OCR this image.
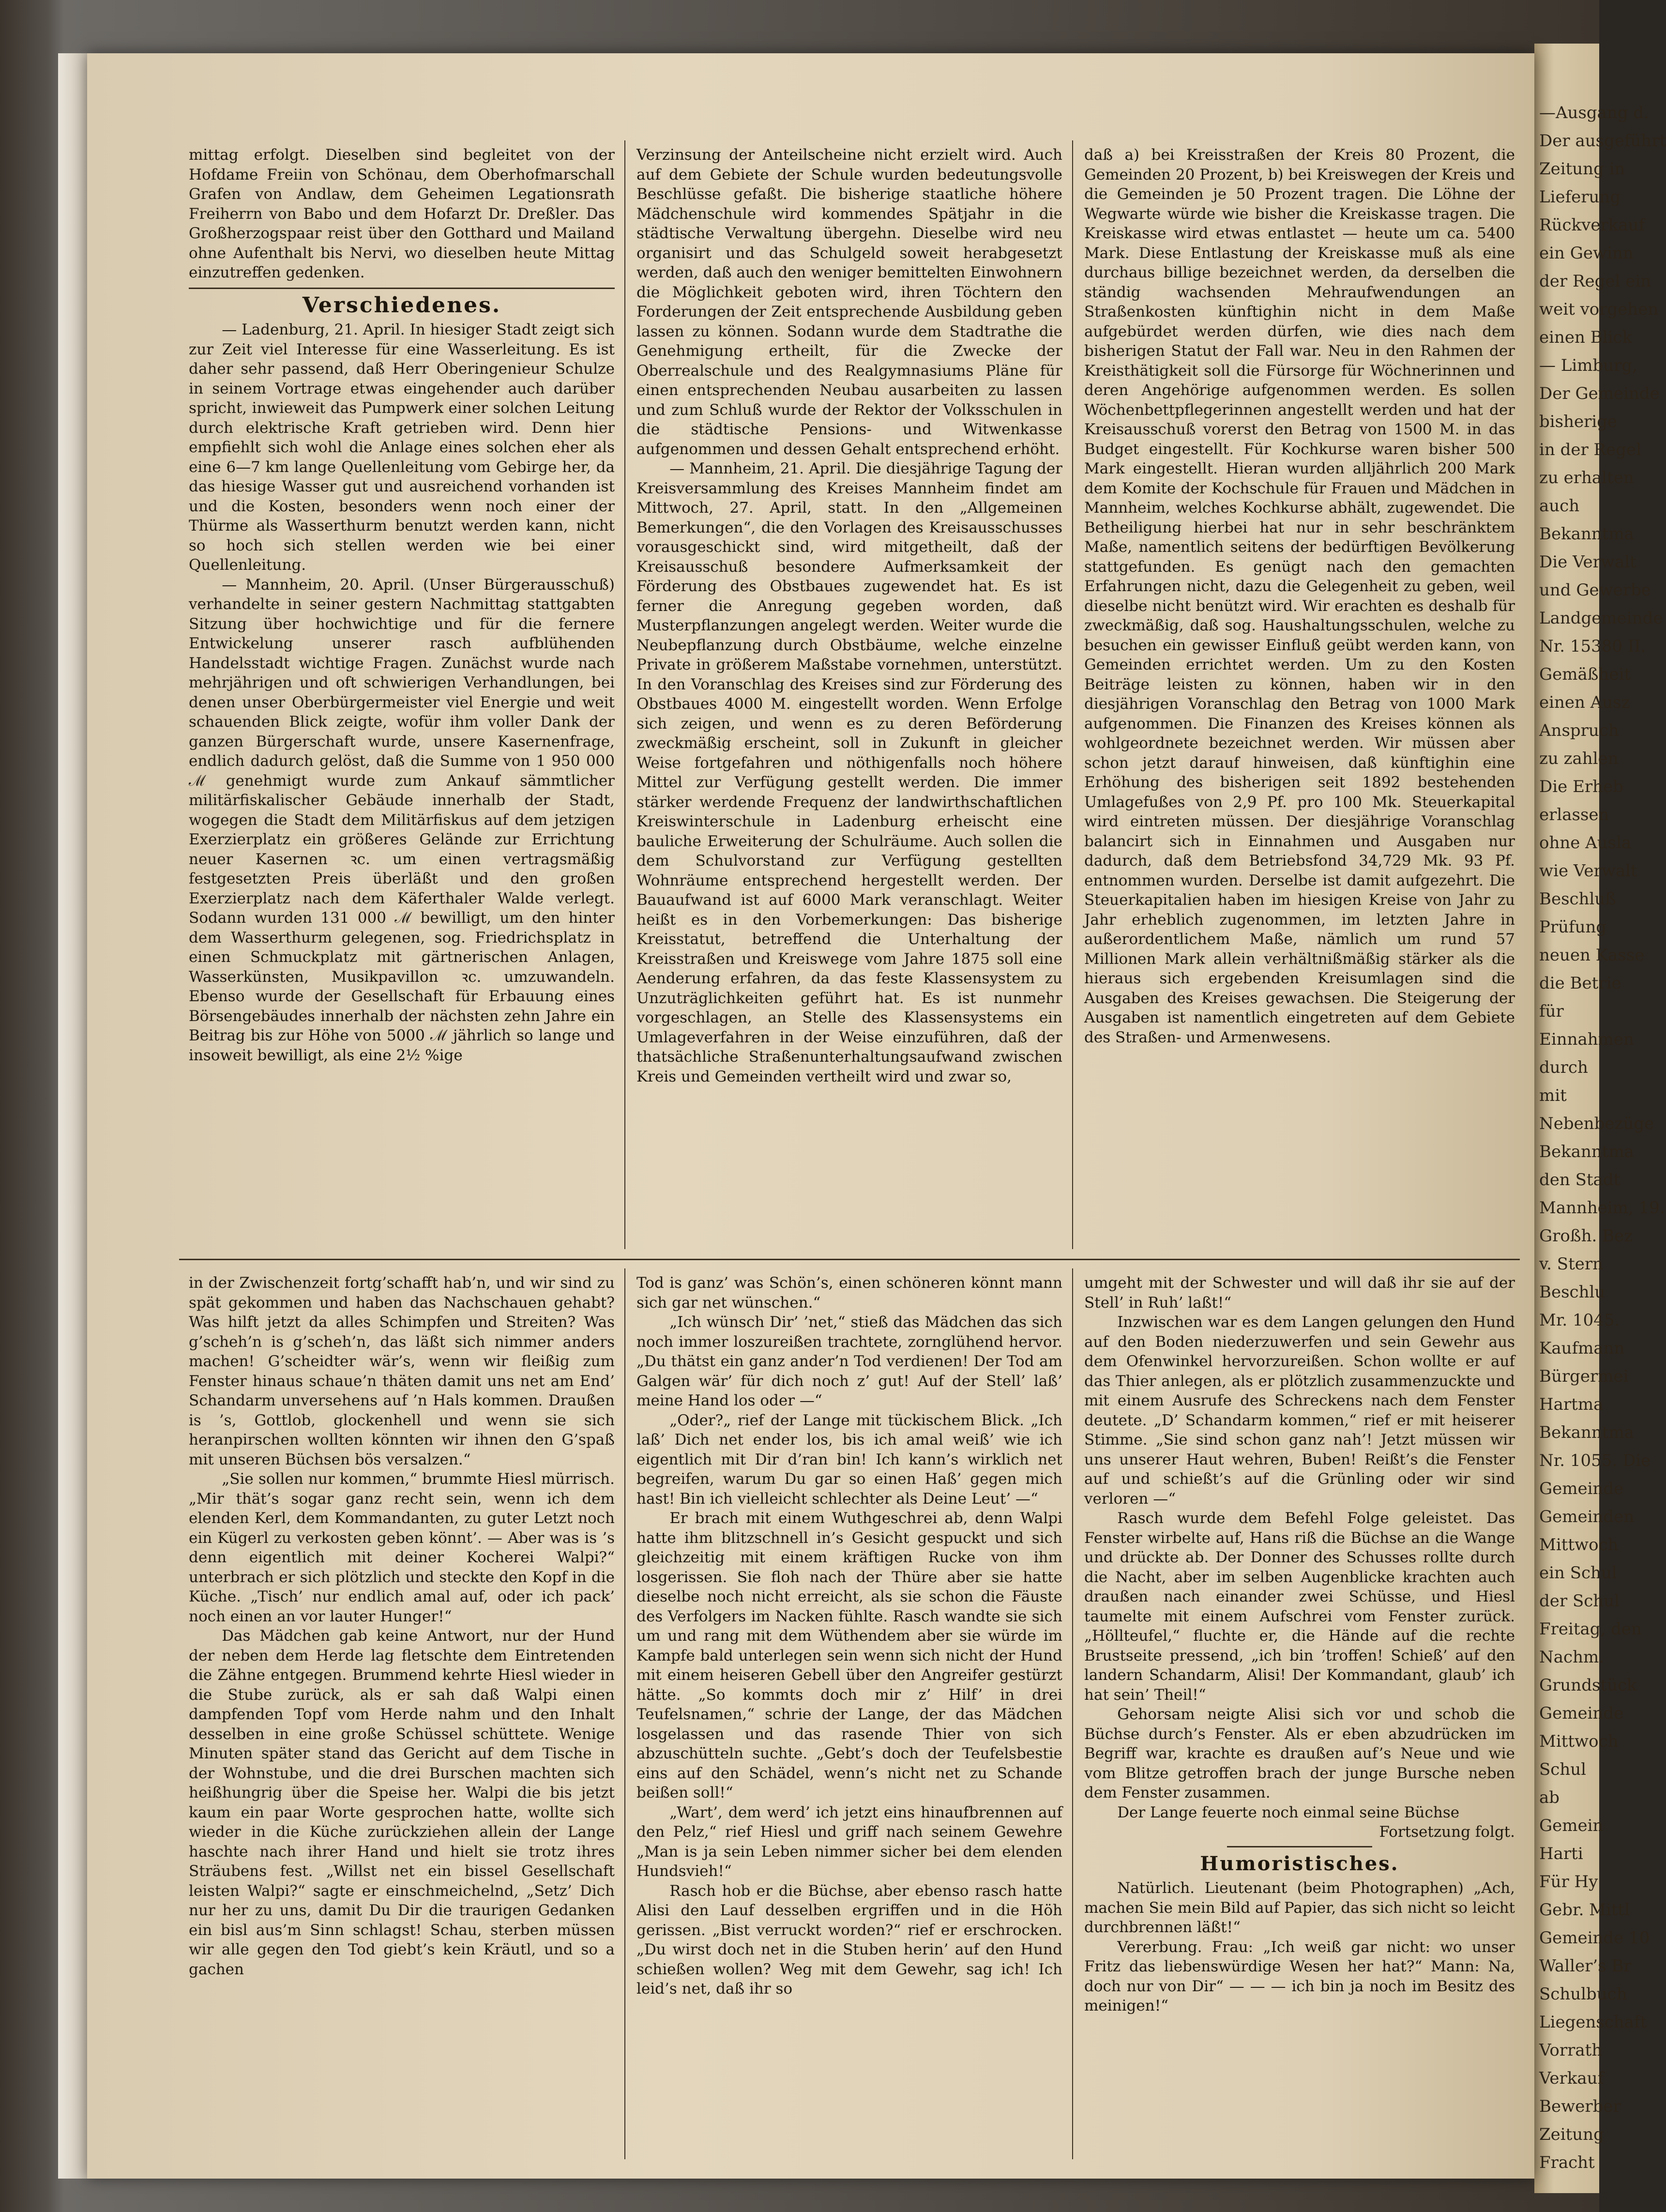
—Ausgang d.
Der ausgeführt
Zeitung in
Lieferung
Rückverkauf
ein Gewinn
der Regel ein
weit vorgehen
einen Blick
— Limburg,
Der Gemeinde
bisherige
in der Regel
zu erhalten
auch
Bekanntma
Die Verwalt
und Gewerbe
Landgemeinde
Nr. 15380 II.
Gemäßheit
einen Ausz
Anspruch
zu zahlen
Die Erheb
erlassen
ohne Ausla
wie Verwalt
Beschluß
Prüfung
neuen Kasse
die Betrie
für
Einnahmen
durch
mit
Nebenbezüge
Bekanntma
den Stadt
Mannheim, 19.
Großh. Bez
v. Stern
Beschlu
Mr. 1045.
Kaufmann
Bürgermei
Hartma
Bekanntma
Nr. 1055. Die
Gemeinde
Gemeinden
Mittwoch
ein Schul
der Schul
Freitag, den
Nachm.
Grundstück
Gemeinde
Mittwoch
Schul
ab
Gemein
Harti
Für Hy
Gebr. Mittl
Gemeinde 10
Waller’s Br
Schulbuch
Liegenschaft
Vorrath
Verkauf
Bewerber
Zeitung
Fracht

mittag erfolgt. Dieselben sind begleitet von der Hofdame Freiin von Schönau, dem Oberhofmarschall Grafen von Andlaw, dem Geheimen Legationsrath Freiherrn von Babo und dem Hofarzt Dr. Dreßler. Das Großherzogspaar reist über den Gotthard und Mailand ohne Aufenthalt bis Nervi, wo dieselben heute Mittag einzutreffen gedenken.

Verschiedenes.

— Ladenburg, 21. April. In hiesiger Stadt zeigt sich zur Zeit viel Interesse für eine Wasserleitung. Es ist daher sehr passend, daß Herr Oberingenieur Schulze in seinem Vortrage etwas eingehender auch darüber spricht, inwieweit das Pumpwerk einer solchen Leitung durch elektrische Kraft getrieben wird. Denn hier empfiehlt sich wohl die Anlage eines solchen eher als eine 6—7 km lange Quellenleitung vom Gebirge her, da das hiesige Wasser gut und ausreichend vorhanden ist und die Kosten, besonders wenn noch einer der Thürme als Wasserthurm benutzt werden kann, nicht so hoch sich stellen werden wie bei einer Quellenleitung.

— Mannheim, 20. April. (Unser Bürgerausschuß) verhandelte in seiner gestern Nachmittag stattgabten Sitzung über hochwichtige und für die fernere Entwickelung unserer rasch aufblühenden Handelsstadt wichtige Fragen. Zunächst wurde nach mehrjährigen und oft schwierigen Verhandlungen, bei denen unser Oberbürgermeister viel Energie und weit schauenden Blick zeigte, wofür ihm voller Dank der ganzen Bürgerschaft wurde, unsere Kasernenfrage, endlich dadurch gelöst, daß die Summe von 1 950 000 ℳ genehmigt wurde zum Ankauf sämmtlicher militärfiskalischer Gebäude innerhalb der Stadt, wogegen die Stadt dem Militärfiskus auf dem jetzigen Exerzierplatz ein größeres Gelände zur Errichtung neuer Kasernen ꝛc. um einen vertragsmäßig festgesetzten Preis überläßt und den großen Exerzierplatz nach dem Käferthaler Walde verlegt. Sodann wurden 131 000 ℳ bewilligt, um den hinter dem Wasserthurm gelegenen, sog. Friedrichsplatz in einen Schmuckplatz mit gärtnerischen Anlagen, Wasserkünsten, Musikpavillon ꝛc. umzuwandeln. Ebenso wurde der Gesellschaft für Erbauung eines Börsengebäudes innerhalb der nächsten zehn Jahre ein Beitrag bis zur Höhe von 5000 ℳ jährlich so lange und insoweit bewilligt, als eine 2½ %ige

Verzinsung der Anteilscheine nicht erzielt wird. Auch auf dem Gebiete der Schule wurden bedeutungsvolle Beschlüsse gefaßt. Die bisherige staatliche höhere Mädchenschule wird kommendes Spätjahr in die städtische Verwaltung übergehn. Dieselbe wird neu organisirt und das Schulgeld soweit herabgesetzt werden, daß auch den weniger bemittelten Einwohnern die Möglichkeit geboten wird, ihren Töchtern den Forderungen der Zeit entsprechende Ausbildung geben lassen zu können. Sodann wurde dem Stadtrathe die Genehmigung ertheilt, für die Zwecke der Oberrealschule und des Realgymnasiums Pläne für einen entsprechenden Neubau ausarbeiten zu lassen und zum Schluß wurde der Rektor der Volksschulen in die städtische Pensions- und Witwenkasse aufgenommen und dessen Gehalt entsprechend erhöht.

— Mannheim, 21. April. Die diesjährige Tagung der Kreisversammlung des Kreises Mannheim findet am Mittwoch, 27. April, statt. In den „Allgemeinen Bemerkungen“, die den Vorlagen des Kreisausschusses vorausgeschickt sind, wird mitgetheilt, daß der Kreisausschuß besondere Aufmerksamkeit der Förderung des Obstbaues zugewendet hat. Es ist ferner die Anregung gegeben worden, daß Musterpflanzungen angelegt werden. Weiter wurde die Neubepflanzung durch Obstbäume, welche einzelne Private in größerem Maßstabe vornehmen, unterstützt. In den Voranschlag des Kreises sind zur Förderung des Obstbaues 4000 M. eingestellt worden. Wenn Erfolge sich zeigen, und wenn es zu deren Beförderung zweckmäßig erscheint, soll in Zukunft in gleicher Weise fortgefahren und nöthigenfalls noch höhere Mittel zur Verfügung gestellt werden. Die immer stärker werdende Frequenz der landwirthschaftlichen Kreiswinterschule in Ladenburg erheischt eine bauliche Erweiterung der Schulräume. Auch sollen die dem Schulvorstand zur Verfügung gestellten Wohnräume entsprechend hergestellt werden. Der Bauaufwand ist auf 6000 Mark veranschlagt. Weiter heißt es in den Vorbemerkungen: Das bisherige Kreisstatut, betreffend die Unterhaltung der Kreisstraßen und Kreiswege vom Jahre 1875 soll eine Aenderung erfahren, da das feste Klassensystem zu Unzuträglichkeiten geführt hat. Es ist nunmehr vorgeschlagen, an Stelle des Klassensystems ein Umlageverfahren in der Weise einzuführen, daß der thatsächliche Straßenunterhaltungsaufwand zwischen Kreis und Gemeinden vertheilt wird und zwar so,

daß a) bei Kreisstraßen der Kreis 80 Prozent, die Gemeinden 20 Prozent, b) bei Kreiswegen der Kreis und die Gemeinden je 50 Prozent tragen. Die Löhne der Wegwarte würde wie bisher die Kreiskasse tragen. Die Kreiskasse wird etwas entlastet — heute um ca. 5400 Mark. Diese Entlastung der Kreiskasse muß als eine durchaus billige bezeichnet werden, da derselben die ständig wachsenden Mehraufwendungen an Straßenkosten künftighin nicht in dem Maße aufgebürdet werden dürfen, wie dies nach dem bisherigen Statut der Fall war. Neu in den Rahmen der Kreisthätigkeit soll die Fürsorge für Wöchnerinnen und deren Angehörige aufgenommen werden. Es sollen Wöchenbettpflegerinnen angestellt werden und hat der Kreisausschuß vorerst den Betrag von 1500 M. in das Budget eingestellt. Für Kochkurse waren bisher 500 Mark eingestellt. Hieran wurden alljährlich 200 Mark dem Komite der Kochschule für Frauen und Mädchen in Mannheim, welches Kochkurse abhält, zugewendet. Die Betheiligung hierbei hat nur in sehr beschränktem Maße, namentlich seitens der bedürftigen Bevölkerung stattgefunden. Es genügt nach den gemachten Erfahrungen nicht, dazu die Gelegenheit zu geben, weil dieselbe nicht benützt wird. Wir erachten es deshalb für zweckmäßig, daß sog. Haushaltungsschulen, welche zu besuchen ein gewisser Einfluß geübt werden kann, von Gemeinden errichtet werden. Um zu den Kosten Beiträge leisten zu können, haben wir in den diesjährigen Voranschlag den Betrag von 1000 Mark aufgenommen. Die Finanzen des Kreises können als wohlgeordnete bezeichnet werden. Wir müssen aber schon jetzt darauf hinweisen, daß künftighin eine Erhöhung des bisherigen seit 1892 bestehenden Umlagefußes von 2,9 Pf. pro 100 Mk. Steuerkapital wird eintreten müssen. Der diesjährige Voranschlag balancirt sich in Einnahmen und Ausgaben nur dadurch, daß dem Betriebsfond 34,729 Mk. 93 Pf. entnommen wurden. Derselbe ist damit aufgezehrt. Die Steuerkapitalien haben im hiesigen Kreise von Jahr zu Jahr erheblich zugenommen, im letzten Jahre in außerordentlichem Maße, nämlich um rund 57 Millionen Mark allein verhältnißmäßig stärker als die hieraus sich ergebenden Kreisumlagen sind die Ausgaben des Kreises gewachsen. Die Steigerung der Ausgaben ist namentlich eingetreten auf dem Gebiete des Straßen- und Armenwesens.

in der Zwischenzeit fortg’schafft hab’n, und wir sind zu spät gekommen und haben das Nachschauen gehabt? Was hilft jetzt da alles Schimpfen und Streiten? Was g’scheh’n is g’scheh’n, das läßt sich nimmer anders machen! G’scheidter wär’s, wenn wir fleißig zum Fenster hinaus schaue’n thäten damit uns net am End’ Schandarm unversehens auf ’n Hals kommen. Draußen is ’s, Gottlob, glockenhell und wenn sie sich heranpirschen wollten könnten wir ihnen den G’spaß mit unseren Büchsen bös versalzen.“

„Sie sollen nur kommen,“ brummte Hiesl mürrisch. „Mir thät’s sogar ganz recht sein, wenn ich dem elenden Kerl, dem Kommandanten, zu guter Letzt noch ein Kügerl zu verkosten geben könnt’. — Aber was is ’s denn eigentlich mit deiner Kocherei Walpi?“ unterbrach er sich plötzlich und steckte den Kopf in die Küche. „Tisch’ nur endlich amal auf, oder ich pack’ noch einen an vor lauter Hunger!“

Das Mädchen gab keine Antwort, nur der Hund der neben dem Herde lag fletschte dem Eintretenden die Zähne entgegen. Brummend kehrte Hiesl wieder in die Stube zurück, als er sah daß Walpi einen dampfenden Topf vom Herde nahm und den Inhalt desselben in eine große Schüssel schüttete. Wenige Minuten später stand das Gericht auf dem Tische in der Wohnstube, und die drei Burschen machten sich heißhungrig über die Speise her. Walpi die bis jetzt kaum ein paar Worte gesprochen hatte, wollte sich wieder in die Küche zurückziehen allein der Lange haschte nach ihrer Hand und hielt sie trotz ihres Sträubens fest. „Willst net ein bissel Gesellschaft leisten Walpi?“ sagte er einschmeichelnd, „Setz’ Dich nur her zu uns, damit Du Dir die traurigen Gedanken ein bisl aus’m Sinn schlagst! Schau, sterben müssen wir alle gegen den Tod giebt’s kein Kräutl, und so a gachen

Tod is ganz’ was Schön’s, einen schöneren könnt mann sich gar net wünschen.“

„Ich wünsch Dir’ ’net,“ stieß das Mädchen das sich noch immer loszureißen trachtete, zornglühend hervor. „Du thätst ein ganz ander’n Tod verdienen! Der Tod am Galgen wär’ für dich noch z’ gut! Auf der Stell’ laß’ meine Hand los oder —“

„Oder?„ rief der Lange mit tückischem Blick. „Ich laß’ Dich net ender los, bis ich amal weiß’ wie ich eigentlich mit Dir d’ran bin! Ich kann’s wirklich net begreifen, warum Du gar so einen Haß’ gegen mich hast! Bin ich vielleicht schlechter als Deine Leut’ —“

Er brach mit einem Wuthgeschrei ab, denn Walpi hatte ihm blitzschnell in’s Gesicht gespuckt und sich gleichzeitig mit einem kräftigen Rucke von ihm losgerissen. Sie floh nach der Thüre aber sie hatte dieselbe noch nicht erreicht, als sie schon die Fäuste des Verfolgers im Nacken fühlte. Rasch wandte sie sich um und rang mit dem Wüthendem aber sie würde im Kampfe bald unterlegen sein wenn sich nicht der Hund mit einem heiseren Gebell über den Angreifer gestürzt hätte. „So kommts doch mir z’ Hilf’ in drei Teufelsnamen,“ schrie der Lange, der das Mädchen losgelassen und das rasende Thier von sich abzuschütteln suchte. „Gebt’s doch der Teufelsbestie eins auf den Schädel, wenn’s nicht net zu Schande beißen soll!“

„Wart’, dem werd’ ich jetzt eins hinaufbrennen auf den Pelz,“ rief Hiesl und griff nach seinem Gewehre „Man is ja sein Leben nimmer sicher bei dem elenden Hundsvieh!“

Rasch hob er die Büchse, aber ebenso rasch hatte Alisi den Lauf desselben ergriffen und in die Höh gerissen. „Bist verruckt worden?“ rief er erschrocken. „Du wirst doch net in die Stuben herin’ auf den Hund schießen wollen? Weg mit dem Gewehr, sag ich! Ich leid’s net, daß ihr so

umgeht mit der Schwester und will daß ihr sie auf der Stell’ in Ruh’ laßt!“

Inzwischen war es dem Langen gelungen den Hund auf den Boden niederzuwerfen und sein Gewehr aus dem Ofenwinkel hervorzureißen. Schon wollte er auf das Thier anlegen, als er plötzlich zusammenzuckte und mit einem Ausrufe des Schreckens nach dem Fenster deutete. „D’ Schandarm kommen,“ rief er mit heiserer Stimme. „Sie sind schon ganz nah’! Jetzt müssen wir uns unserer Haut wehren, Buben! Reißt’s die Fenster auf und schießt’s auf die Grünling oder wir sind verloren —“

Rasch wurde dem Befehl Folge geleistet. Das Fenster wirbelte auf, Hans riß die Büchse an die Wange und drückte ab. Der Donner des Schusses rollte durch die Nacht, aber im selben Augenblicke krachten auch draußen nach einander zwei Schüsse, und Hiesl taumelte mit einem Aufschrei vom Fenster zurück. „Höllteufel,“ fluchte er, die Hände auf die rechte Brustseite pressend, „ich bin ’troffen! Schieß’ auf den landern Schandarm, Alisi! Der Kommandant, glaub’ ich hat sein’ Theil!“

Gehorsam neigte Alisi sich vor und schob die Büchse durch’s Fenster. Als er eben abzudrücken im Begriff war, krachte es draußen auf’s Neue und wie vom Blitze getroffen brach der junge Bursche neben dem Fenster zusammen.

Der Lange feuerte noch einmal seine Büchse

Fortsetzung folgt.

Humoristisches.

Natürlich. Lieutenant (beim Photographen) „Ach, machen Sie mein Bild auf Papier, das sich nicht so leicht durchbrennen läßt!“

Vererbung. Frau: „Ich weiß gar nicht: wo unser Fritz das liebenswürdige Wesen her hat?“ Mann: Na, doch nur von Dir“ — — — ich bin ja noch im Besitz des meinigen!“
